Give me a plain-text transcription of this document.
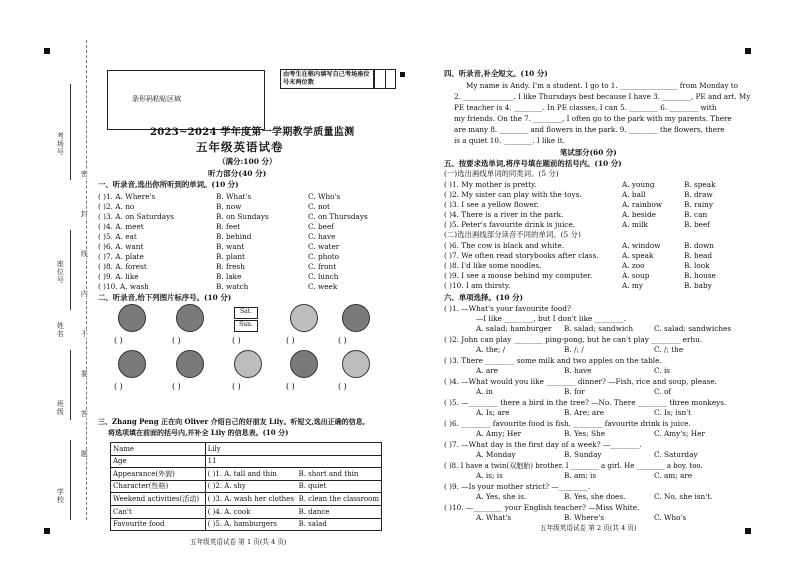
考场号
座位号
姓名
班级
学校
密
封
线
内
不
要
答
题
条形码粘贴区域
由考生在框内填写自己考场座位号末两位数
2023~2024 学年度第一学期教学质量监测
五年级英语试卷
（满分:100 分）
听力部分(40 分)
一、听录音,选出你所听到的单词。(10 分)
( )1. A. Where's	B. What's	C. Who's
( )2. A. no	B. now	C. not
( )3. A. on Saturdays	B. on Sundays	C. on Thursdays
( )4. A. meet	B. feet	C. beef
( )5. A. eat	B. behind	C. have
( )6. A. want	B. want	C. water
( )7. A. plate	B. plant	C. photo
( )8. A. forest	B. fresh	C. front
( )9. A. like	B. lake	C. lunch
( )10. A. wash	B. watch	C. week
二、听录音,给下列图片标序号。(10 分)
Sat.
Sun.
( )	( )	( )	( )	( )
( )	( )	( )	( )	( )
三、Zhang Peng 正在向 Oliver 介绍自己的好朋友 Lily。听短文,选出正确的信息,
将选项填在前面的括号内,并补全 Lily 的信息表。(10 分)
Name	Lily	
Age	11	
Appearance(外貌)	( )1. A. tall and thin	B. short and thin
Character(性格)	( )2. A. shy	B. quiet
Weekend activities(活动)	( )3. A. wash her clothes	B. clean the classroom
Can't	( )4. A. cook	B. dance
Favourite food	( )5. A. hamburgers	B. salad
五年级英语试卷 第 1 页(共 4 页)
四、听录音,补全短文。(10 分)
My name is Andy. I'm a student. I go to 1. ________________ from Monday to
2. ______________. I like Thursdays best because I have 3. ________, PE and art. My
PE teacher is 4. ________. In PE classes, I can 5. ________ 6. ________ with
my friends. On the 7. ________, I often go to the park with my parents. There
are many 8. ________ and flowers in the park. 9. ________ the flowers, there
is a quiet 10. ________. I like it.
笔试部分(60 分)
五、按要求选单词,将序号填在题前的括号内。(10 分)
(一)选出画线单词的同类词。(5 分)
( )1. My mother is pretty.	A. young	B. speak
( )2. My sister can play with the toys.	A. ball	B. draw
( )3. I see a yellow flower.	A. rainbow	B. rainy
( )4. There is a river in the park.	A. beside	B. can
( )5. Peter's favourite drink is juice.	A. milk	B. beef
(二)选出画线部分读音不同的单词。(5 分)
( )6. The cow is black and white.	A. window	B. down
( )7. We often read storybooks after class.	A. speak	B. head
( )8. I'd like some noodles.	A. zoo	B. look
( )9. I see a mouse behind my computer.	A. soup	B. house
( )10. I am thirsty.	A. my	B. baby
六、单项选择。(10 分)
( )1. —What's your favourite food?
—I like ________, but I don't like ________.
A. salad; hamburger B. salad; sandwich	C. salad; sandwiches
( )2. John can play ________ ping-pong, but he can't play ________ erhu.
A. the; /	B. /; /	C. /; the
( )3. There ________ some milk and two apples on the table.
A. are	B. have	C. is
( )4. —What would you like ________ dinner? —Fish, rice and soup, please.
A. in	B. for	C. of
( )5. —________ there a bird in the tree? —No. There ________ three monkeys.
A. Is; are	B. Are; are	C. Is; isn't
( )6. ________ favourite food is fish. ________ favourite drink is juice.
A. Amy; Her	B. Yes; She	C. Amy's; Her
( )7. —What day is the first day of a week? —________.
A. Monday	B. Sunday	C. Saturday
( )8. I have a twin(双胞胎) brother. I ________ a girl. He ________ a boy, too.
A. is; is	B. am; is	C. am; are
( )9. —Is your mother strict? —________.
A. Yes, she is.	B. Yes, she does.	C. No, she isn't.
( )10. —________ your English teacher? —Miss White.
A. What's	B. Where's	C. Who's
五年级英语试卷 第 2 页(共 4 页)
